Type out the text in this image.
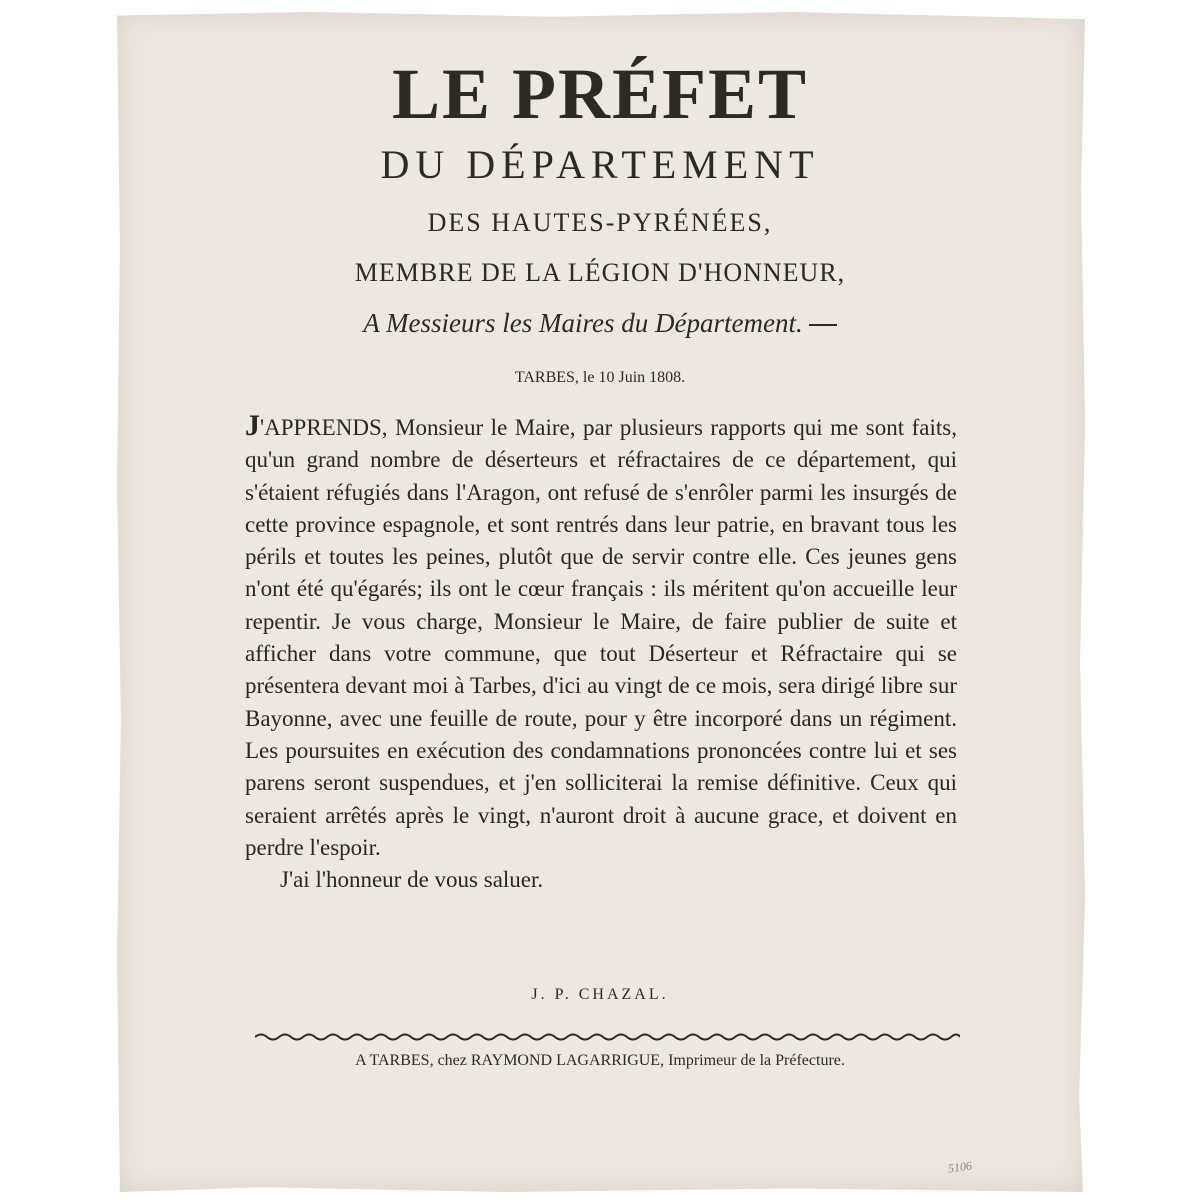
LE PRÉFET
DU DÉPARTEMENT
DES HAUTES-PYRÉNÉES,
MEMBRE DE LA LÉGION D'HONNEUR,
A Messieurs les Maires du Département.
TARBES, le 10 Juin 1808.

J'APPRENDS, Monsieur le Maire, par plusieurs rapports qui me sont faits, qu'un grand nombre de déserteurs et réfractaires de ce département, qui s'étaient réfugiés dans l'Aragon, ont refusé de s'enrôler parmi les insurgés de cette province espagnole, et sont rentrés dans leur patrie, en bravant tous les périls et toutes les peines, plutôt que de servir contre elle. Ces jeunes gens n'ont été qu'égarés; ils ont le cœur français : ils méritent qu'on accueille leur repentir. Je vous charge, Monsieur le Maire, de faire publier de suite et afficher dans votre commune, que tout Déserteur et Réfractaire qui se présentera devant moi à Tarbes, d'ici au vingt de ce mois, sera dirigé libre sur Bayonne, avec une feuille de route, pour y être incorporé dans un régiment. Les poursuites en exécution des condamnations prononcées contre lui et ses parens seront suspendues, et j'en solliciterai la remise définitive. Ceux qui seraient arrêtés après le vingt, n'auront droit à aucune grace, et doivent en perdre l'espoir.

J'ai l'honneur de vous saluer.

J. P. CHAZAL.
A TARBES, chez RAYMOND LAGARRIGUE, Imprimeur de la Préfecture.
5106
